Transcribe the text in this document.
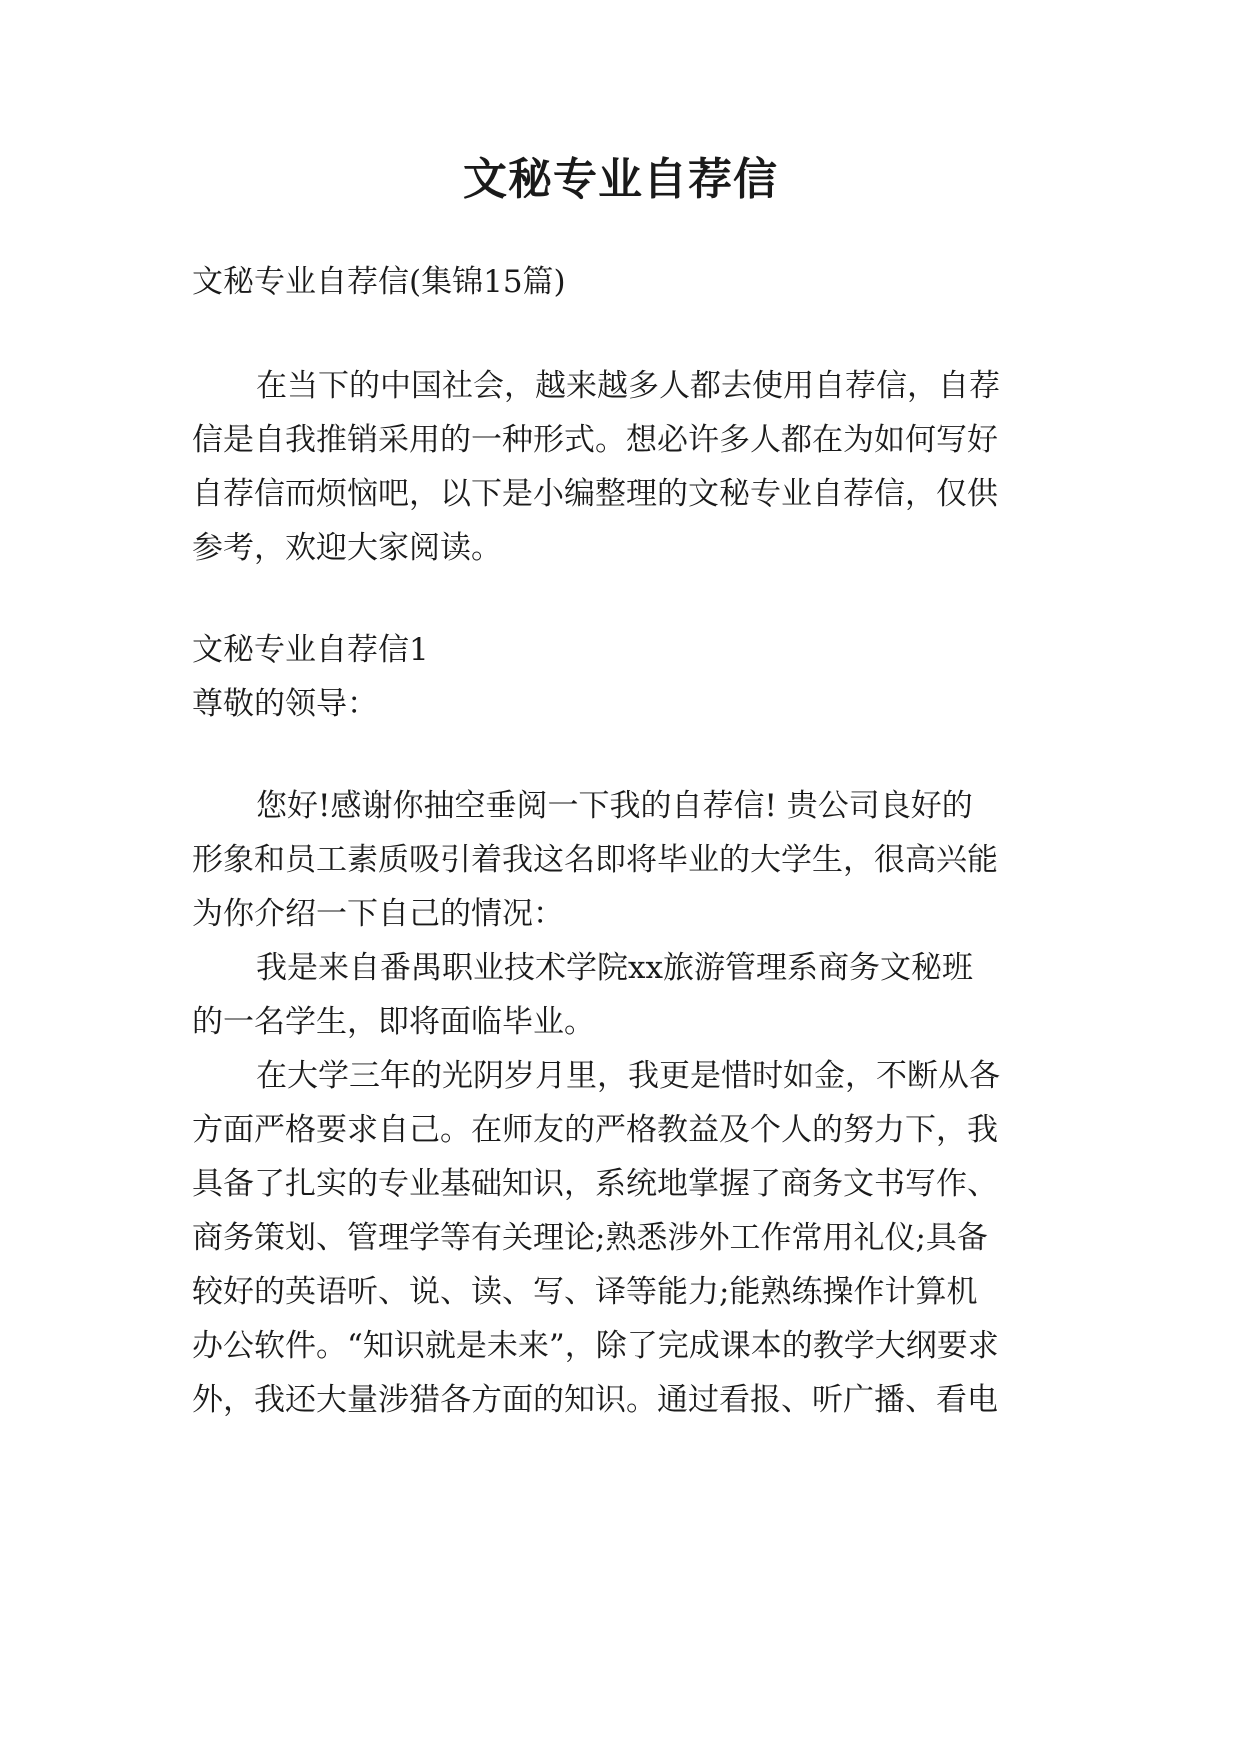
文秘专业自荐信

文秘专业自荐信(集锦15篇)

在当下的中国社会，越来越多人都去使用自荐信，自荐

信是自我推销采用的一种形式。想必许多人都在为如何写好

自荐信而烦恼吧，以下是小编整理的文秘专业自荐信，仅供

参考，欢迎大家阅读。

文秘专业自荐信1

尊敬的领导：

您好!感谢你抽空垂阅一下我的自荐信! 贵公司良好的

形象和员工素质吸引着我这名即将毕业的大学生，很高兴能

为你介绍一下自己的情况：

我是来自番禺职业技术学院xx旅游管理系商务文秘班

的一名学生，即将面临毕业。

在大学三年的光阴岁月里，我更是惜时如金，不断从各

方面严格要求自己。在师友的严格教益及个人的努力下，我

具备了扎实的专业基础知识，系统地掌握了商务文书写作、

商务策划、管理学等有关理论;熟悉涉外工作常用礼仪;具备

较好的英语听、说、读、写、译等能力;能熟练操作计算机

办公软件。“知识就是未来”，除了完成课本的教学大纲要求

外，我还大量涉猎各方面的知识。通过看报、听广播、看电
